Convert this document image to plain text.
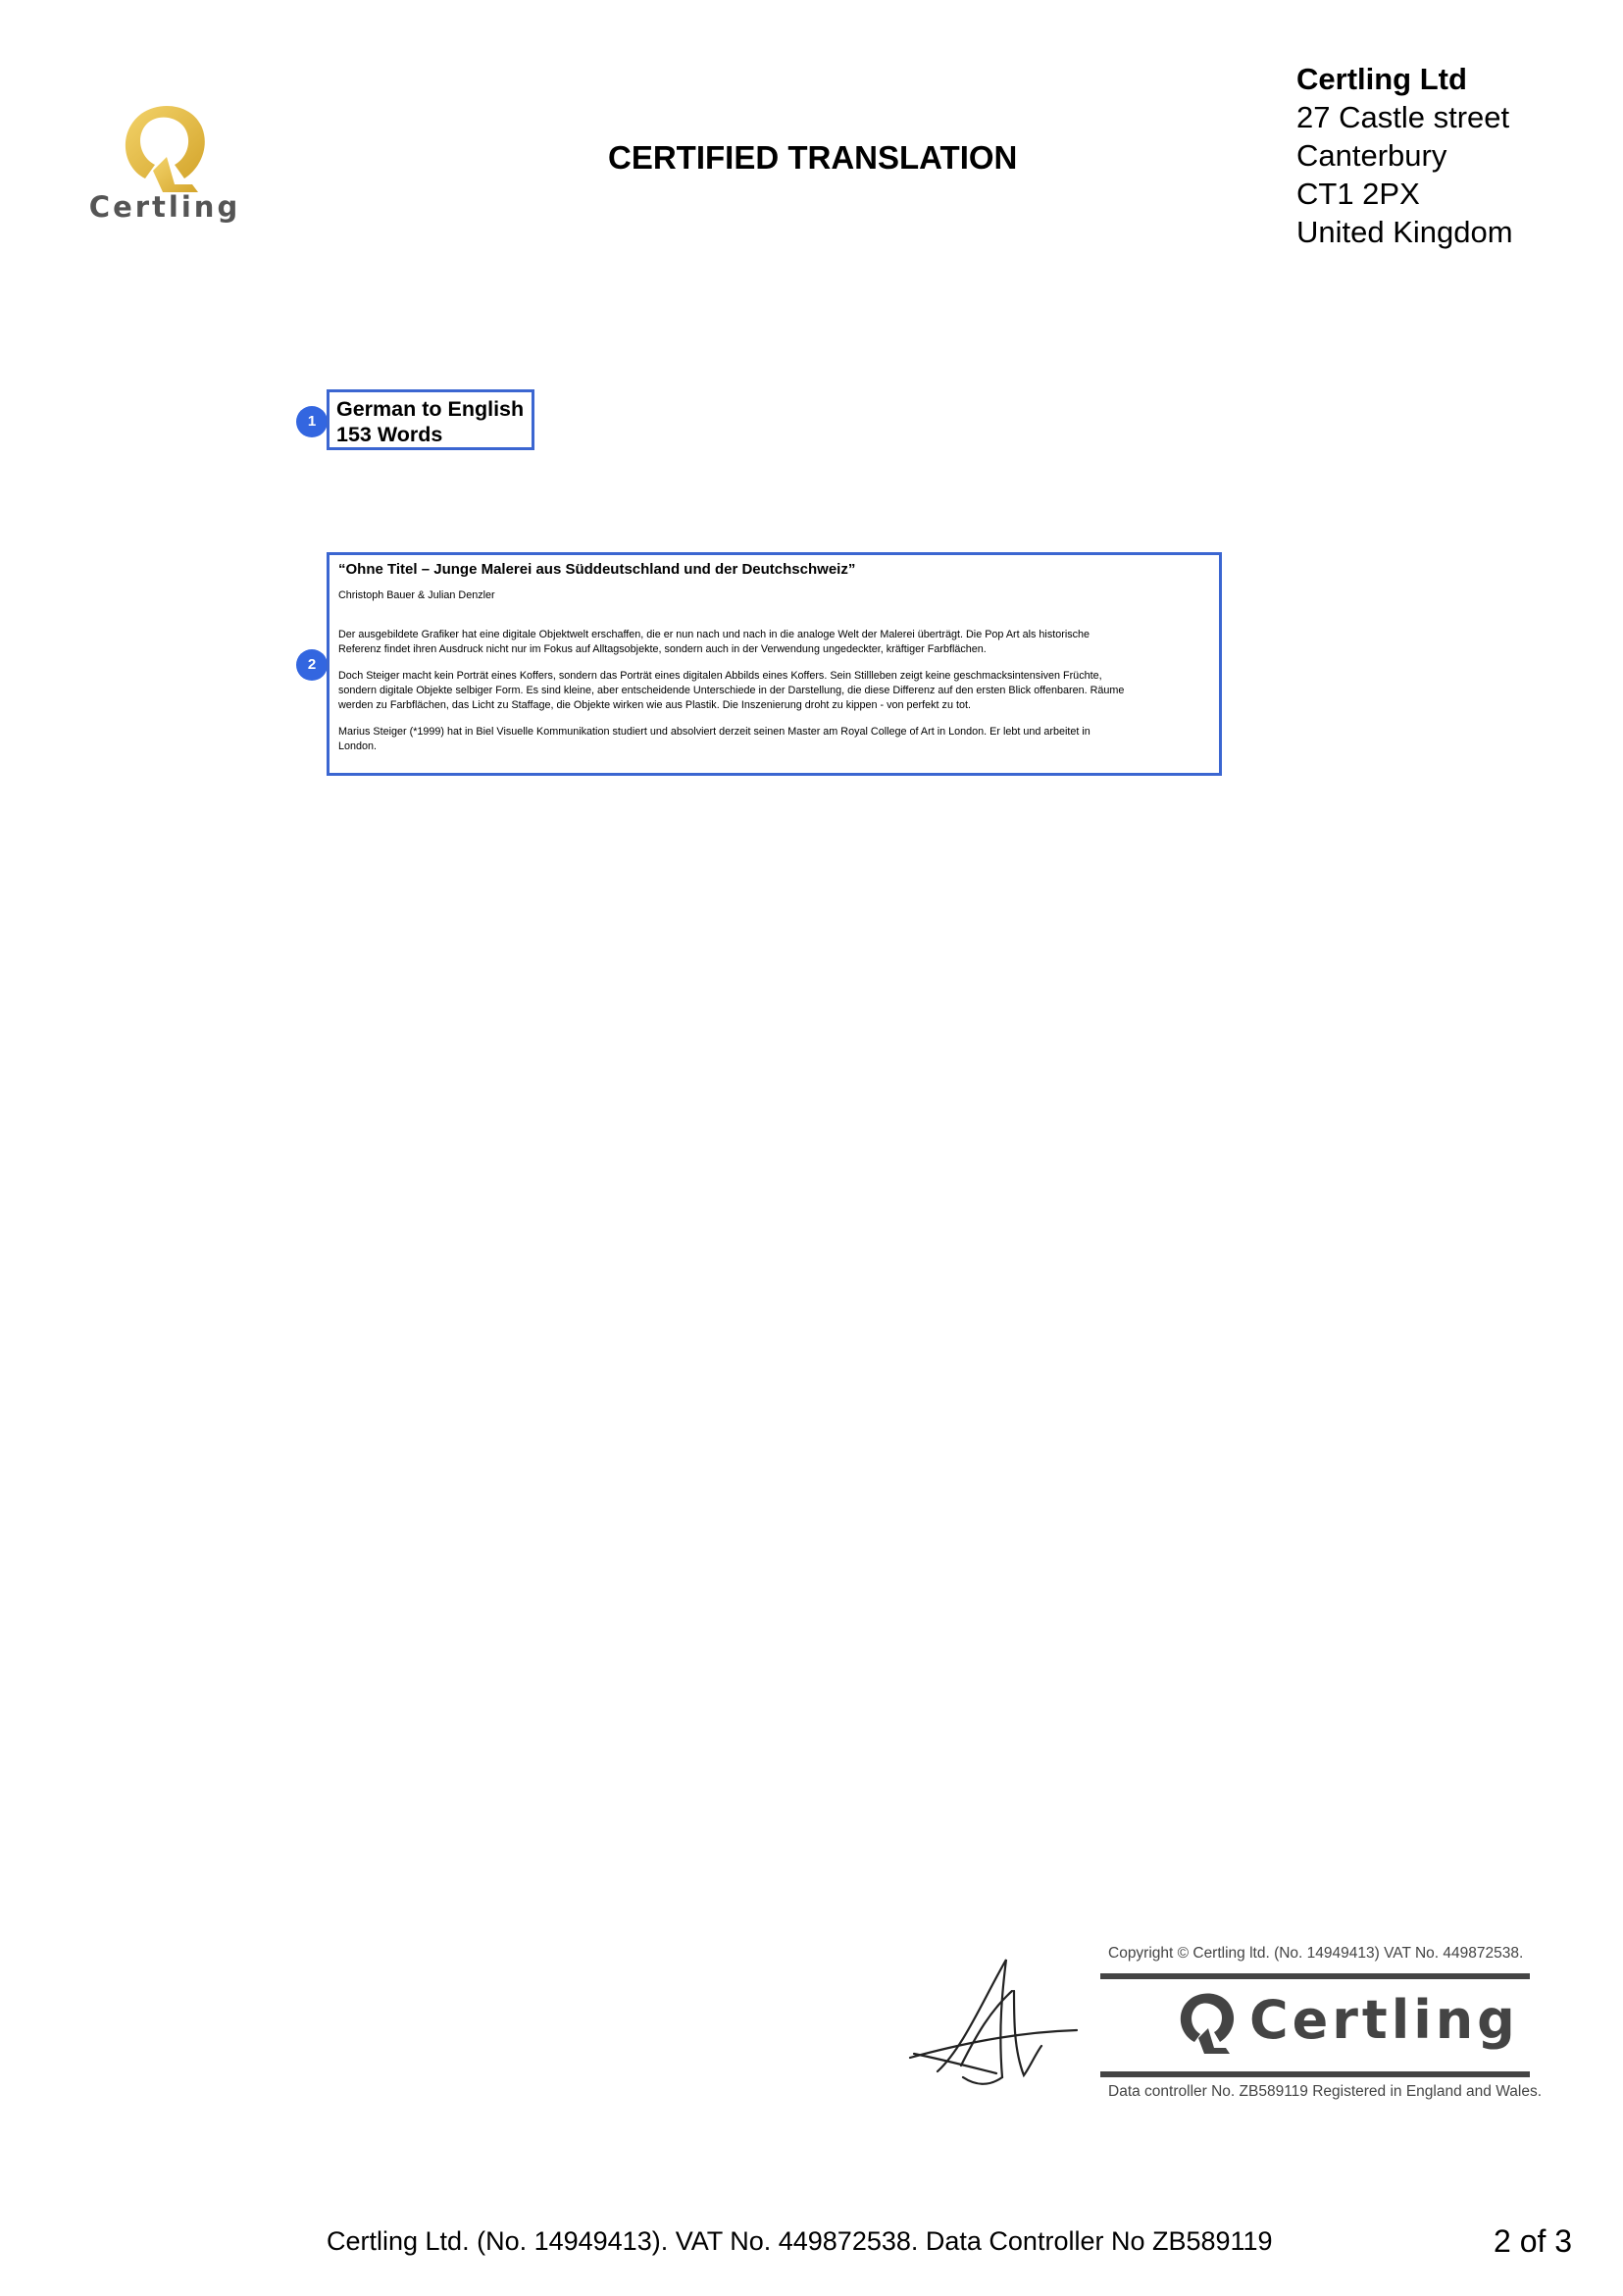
Certling
CERTIFIED TRANSLATION
Certling Ltd
27 Castle street
Canterbury
CT1 2PX
United Kingdom
1
German to English
153 Words
2
“Ohne Titel – Junge Malerei aus Süddeutschland und der Deutchschweiz”
Christoph Bauer & Julian Denzler
Der ausgebildete Grafiker hat eine digitale Objektwelt erschaffen, die er nun nach und nach in die analoge Welt der Malerei überträgt. Die Pop Art als historische
Referenz findet ihren Ausdruck nicht nur im Fokus auf Alltagsobjekte, sondern auch in der Verwendung ungedeckter, kräftiger Farbflächen.
Doch Steiger macht kein Porträt eines Koffers, sondern das Porträt eines digitalen Abbilds eines Koffers. Sein Stillleben zeigt keine geschmacksintensiven Früchte,
sondern digitale Objekte selbiger Form. Es sind kleine, aber entscheidende Unterschiede in der Darstellung, die diese Differenz auf den ersten Blick offenbaren. Räume
werden zu Farbflächen, das Licht zu Staffage, die Objekte wirken wie aus Plastik. Die Inszenierung droht zu kippen - von perfekt zu tot.
Marius Steiger (*1999) hat in Biel Visuelle Kommunikation studiert und absolviert derzeit seinen Master am Royal College of Art in London. Er lebt und arbeitet in
London.
Copyright © Certling ltd. (No. 14949413) VAT No. 449872538.
Certling
Data controller No. ZB589119 Registered in England and Wales.
Certling Ltd. (No. 14949413). VAT No. 449872538. Data Controller No ZB589119	2 of 3
